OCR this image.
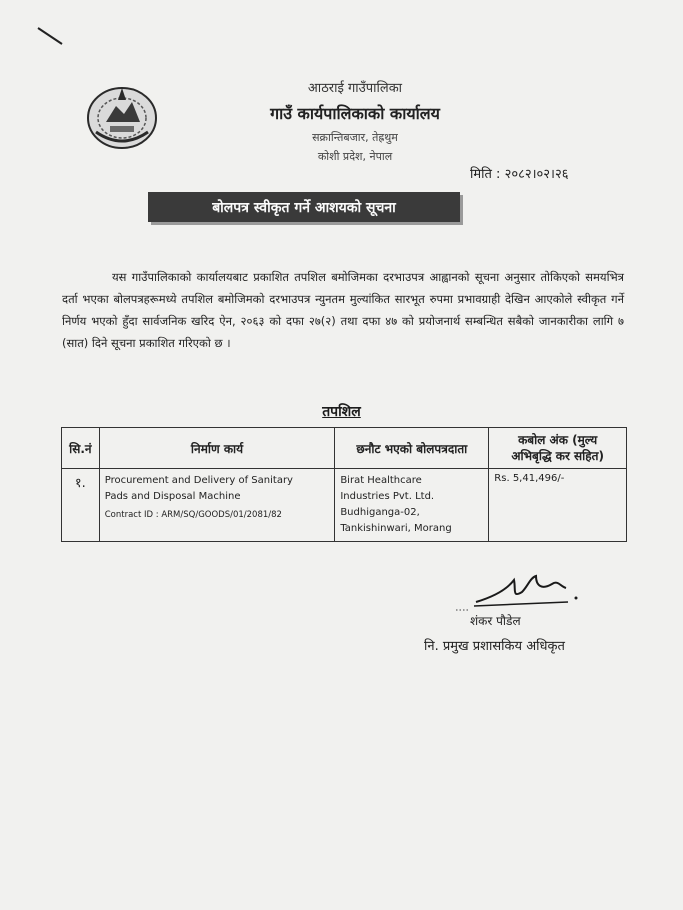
आठराई गाउँपालिका
गाउँ कार्यपालिकाको कार्यालय
सक्रान्तिबजार, तेह्रथुम
कोशी प्रदेश, नेपाल
मिति : २०८२।०२।२६
बोलपत्र स्वीकृत गर्ने आशयको सूचना

यस गाउँपालिकाको कार्यालयबाट प्रकाशित तपशिल बमोजिमका दरभाउपत्र आह्वानको सूचना अनुसार तोकिएको समयभित्र दर्ता भएका बोलपत्रहरूमध्ये तपशिल बमोजिमको दरभाउपत्र न्युनतम मुल्यांकित सारभूत रुपमा प्रभावग्राही देखिन आएकोले स्वीकृत गर्ने निर्णय भएको हुँदा सार्वजनिक खरिद ऐन, २०६३ को दफा २७(२) तथा दफा ४७ को प्रयोजनार्थ सम्बन्धित सबैको जानकारीका लागि ७ (सात) दिने सूचना प्रकाशित गरिएको छ ।

तपशिल
सि.नं	निर्माण कार्य	छनौट भएको बोलपत्रदाता	कबोल अंक (मुल्य
अभिबृद्धि कर सहित)

१.	Procurement and Delivery of Sanitary
Pads and Disposal Machine
Contract ID : ARM/SQ/GOODS/01/2081/82	Birat Healthcare
Industries Pvt. Ltd.
Budhiganga-02,
Tankishinwari, Morang	Rs. 5,41,496/-
शंकर पौडेल
नि. प्रमुख प्रशासकिय अधिकृत
